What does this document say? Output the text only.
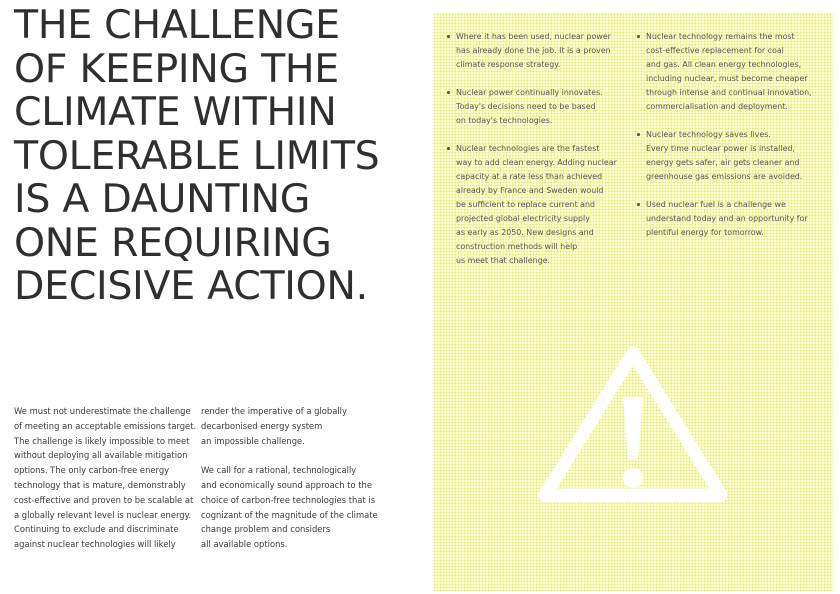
THE CHALLENGE
OF KEEPING THE
CLIMATE WITHIN
TOLERABLE LIMITS
IS A DAUNTING
ONE REQUIRING
DECISIVE ACTION.
We must not underestimate the challenge
of meeting an acceptable emissions target.
The challenge is likely impossible to meet
without deploying all available mitigation
options. The only carbon-free energy
technology that is mature, demonstrably
cost-effective and proven to be scalable at
a globally relevant level is nuclear energy.
Continuing to exclude and discriminate
against nuclear technologies will likely
render the imperative of a globally
decarbonised energy system
an impossible challenge.
We call for a rational, technologically
and economically sound approach to the
choice of carbon-free technologies that is
cognizant of the magnitude of the climate
change problem and considers
all available options.
Where it has been used, nuclear power
has already done the job. It is a proven
climate response strategy.
Nuclear power continually innovates.
Today's decisions need to be based
on today's technologies.
Nuclear technologies are the fastest
way to add clean energy. Adding nuclear
capacity at a rate less than achieved
already by France and Sweden would
be sufficient to replace current and
projected global electricity supply
as early as 2050. New designs and
construction methods will help
us meet that challenge.
Nuclear technology remains the most
cost-effective replacement for coal
and gas. All clean energy technologies,
including nuclear, must become cheaper
through intense and continual innovation,
commercialisation and deployment.
Nuclear technology saves lives.
Every time nuclear power is installed,
energy gets safer, air gets cleaner and
greenhouse gas emissions are avoided.
Used nuclear fuel is a challenge we
understand today and an opportunity for
plentiful energy for tomorrow.
